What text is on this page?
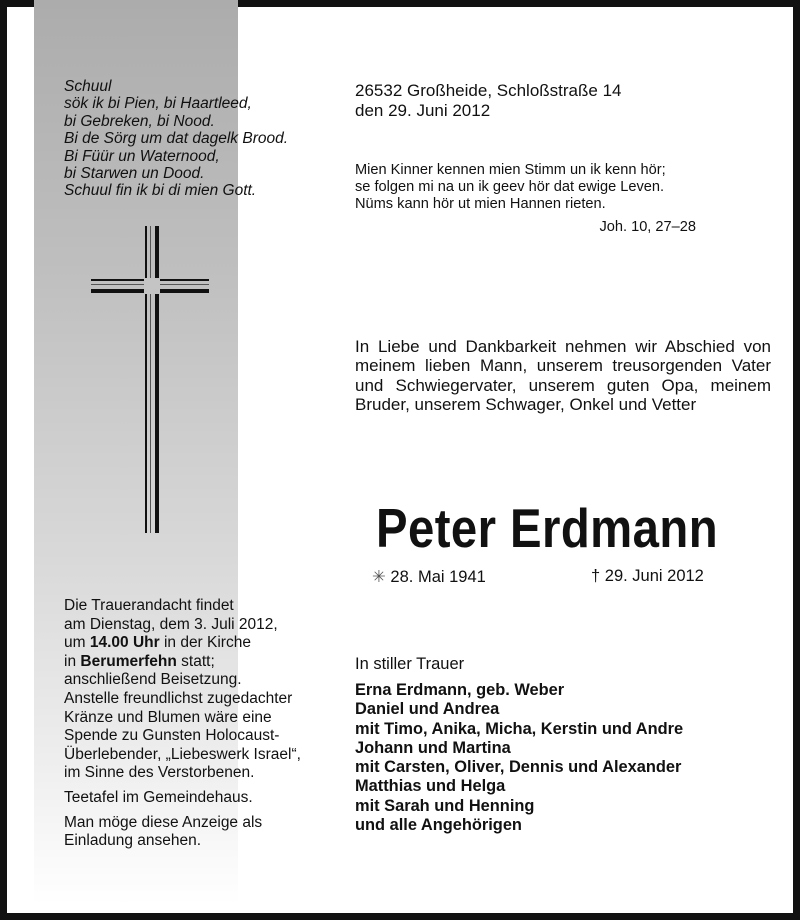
Schuul
sök ik bi Pien, bi Haartleed,
bi Gebreken, bi Nood.
Bi de Sörg um dat dagelk Brood.
Bi Füür un Waternood,
bi Starwen un Dood.
Schuul fin ik bi di mien Gott.
Die Trauerandacht findet
am Dienstag, dem 3. Juli 2012,
um 14.00 Uhr in der Kirche
in Berumerfehn statt;
anschließend Beisetzung.
Anstelle freundlichst zugedachter
Kränze und Blumen wäre eine
Spende zu Gunsten Holocaust-
Überlebender, „Liebeswerk Israel“,
im Sinne des Verstorbenen.
Teetafel im Gemeindehaus.
Man möge diese Anzeige als
Einladung ansehen.
26532 Großheide, Schloßstraße 14
den 29. Juni 2012
Mien Kinner kennen mien Stimm un ik kenn hör;
se folgen mi na un ik geev hör dat ewige Leven.
Nüms kann hör ut mien Hannen rieten.
Joh. 10, 27–28
In Liebe und Dankbarkeit nehmen wir Abschied von meinem lieben Mann, unserem treusorgenden Vater und Schwiegervater, unserem guten Opa, meinem Bruder, unserem Schwager, Onkel und Vetter
Peter Erdmann
✳ 28. Mai 1941	† 29. Juni 2012
In stiller Trauer
Erna Erdmann, geb. Weber
Daniel und Andrea
mit Timo, Anika, Micha, Kerstin und Andre
Johann und Martina
mit Carsten, Oliver, Dennis und Alexander
Matthias und Helga
mit Sarah und Henning
und alle Angehörigen
